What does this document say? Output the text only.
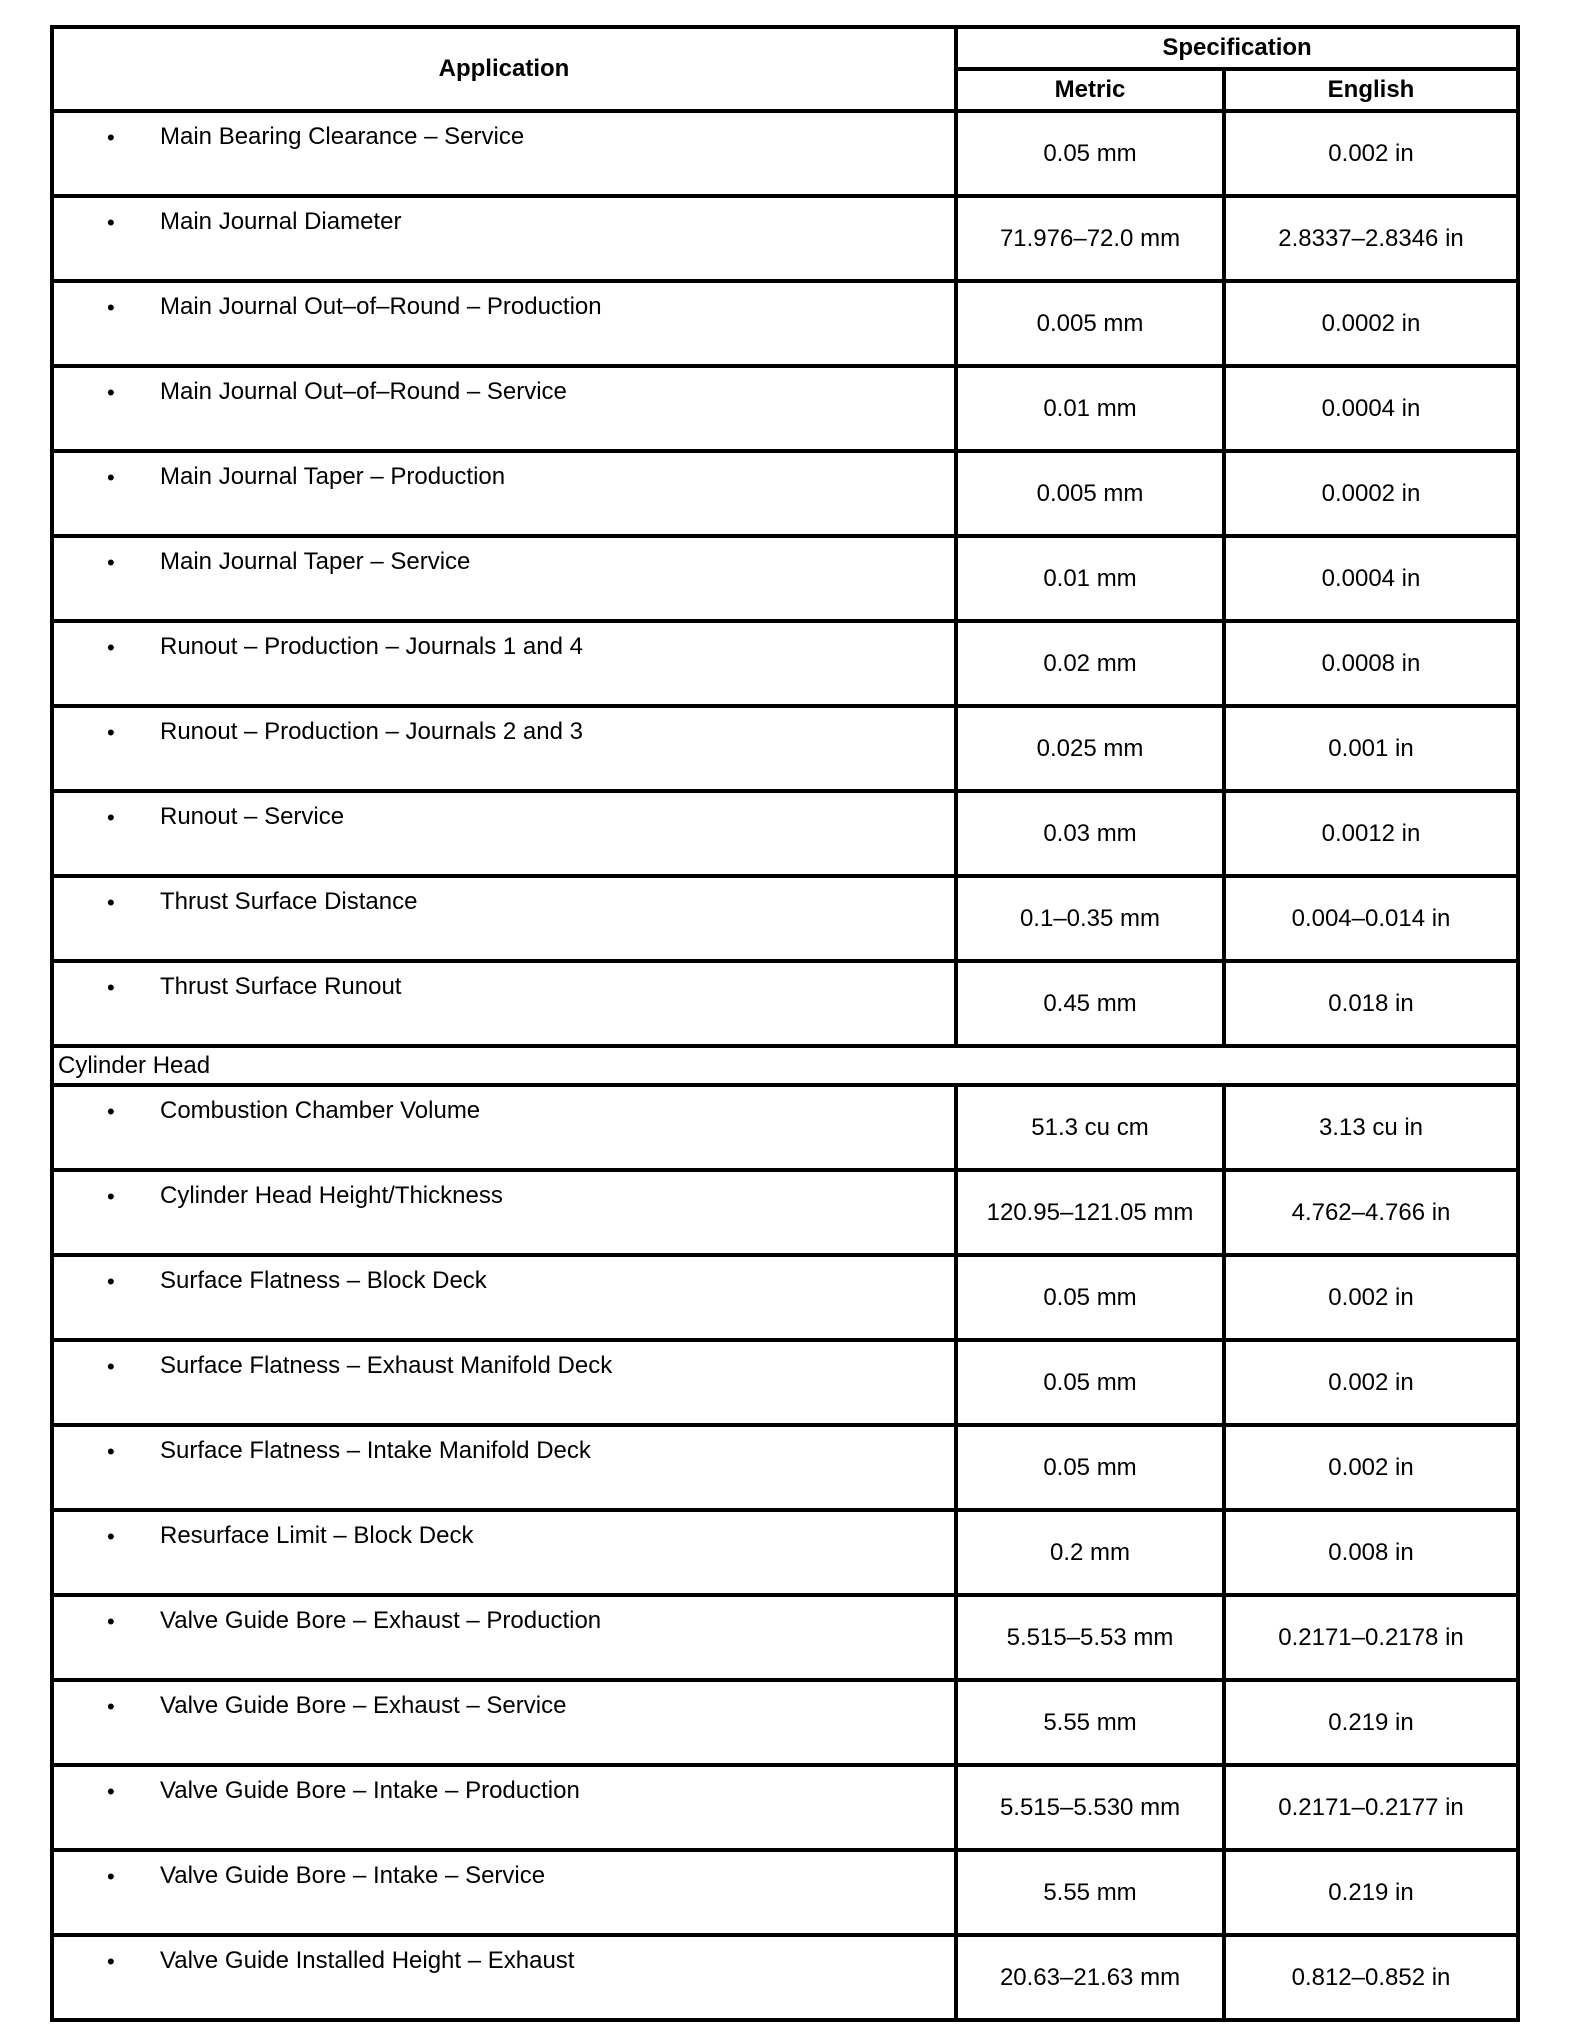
Application	Specification	
	Metric	English

• Main Bearing Clearance – Service	0.05 mm	0.002 in

• Main Journal Diameter	71.976–72.0 mm	2.8337–2.8346 in

• Main Journal Out–of–Round – Production	0.005 mm	0.0002 in

• Main Journal Out–of–Round – Service	0.01 mm	0.0004 in

• Main Journal Taper – Production	0.005 mm	0.0002 in

• Main Journal Taper – Service	0.01 mm	0.0004 in

• Runout – Production – Journals 1 and 4	0.02 mm	0.0008 in

• Runout – Production – Journals 2 and 3	0.025 mm	0.001 in

• Runout – Service	0.03 mm	0.0012 in

• Thrust Surface Distance	0.1–0.35 mm	0.004–0.014 in

• Thrust Surface Runout	0.45 mm	0.018 in
Cylinder Head		

• Combustion Chamber Volume	51.3 cu cm	3.13 cu in

• Cylinder Head Height/Thickness	120.95–121.05 mm	4.762–4.766 in

• Surface Flatness – Block Deck	0.05 mm	0.002 in

• Surface Flatness – Exhaust Manifold Deck	0.05 mm	0.002 in

• Surface Flatness – Intake Manifold Deck	0.05 mm	0.002 in

• Resurface Limit – Block Deck	0.2 mm	0.008 in

• Valve Guide Bore – Exhaust – Production	5.515–5.53 mm	0.2171–0.2178 in

• Valve Guide Bore – Exhaust – Service	5.55 mm	0.219 in

• Valve Guide Bore – Intake – Production	5.515–5.530 mm	0.2171–0.2177 in

• Valve Guide Bore – Intake – Service	5.55 mm	0.219 in

• Valve Guide Installed Height – Exhaust	20.63–21.63 mm	0.812–0.852 in
